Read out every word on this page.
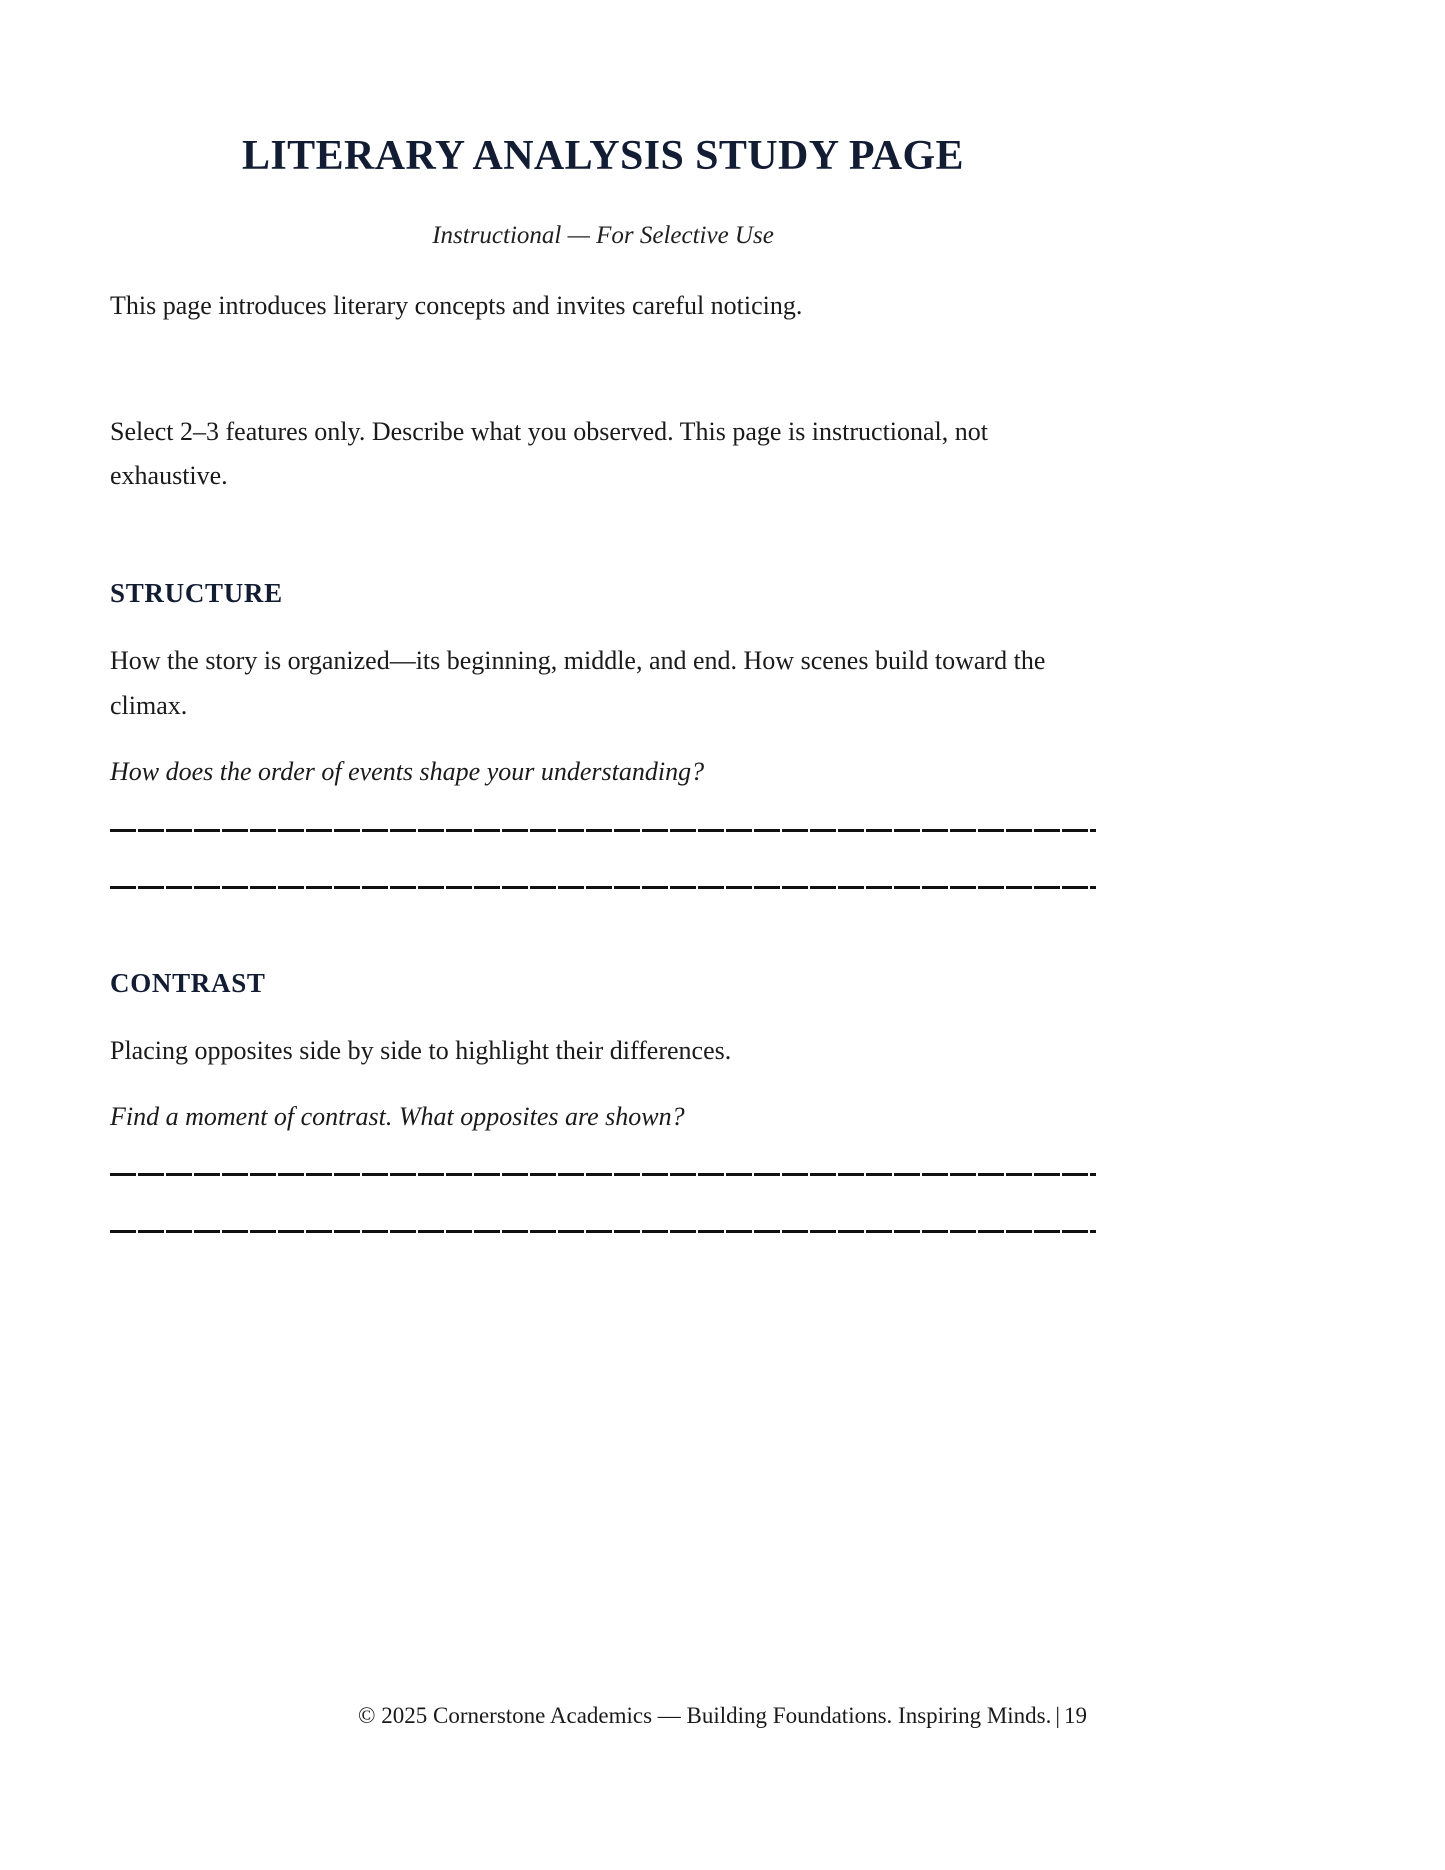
LITERARY ANALYSIS STUDY PAGE

Instructional — For Selective Use

This page introduces literary concepts and invites careful noticing.

Select 2–3 features only. Describe what you observed. This page is instructional, not exhaustive.

STRUCTURE

How the story is organized—its beginning, middle, and end. How scenes build toward the climax.

How does the order of events shape your understanding?

CONTRAST

Placing opposites side by side to highlight their differences.

Find a moment of contrast. What opposites are shown?

© 2025 Cornerstone Academics — Building Foundations. Inspiring Minds. | 19
